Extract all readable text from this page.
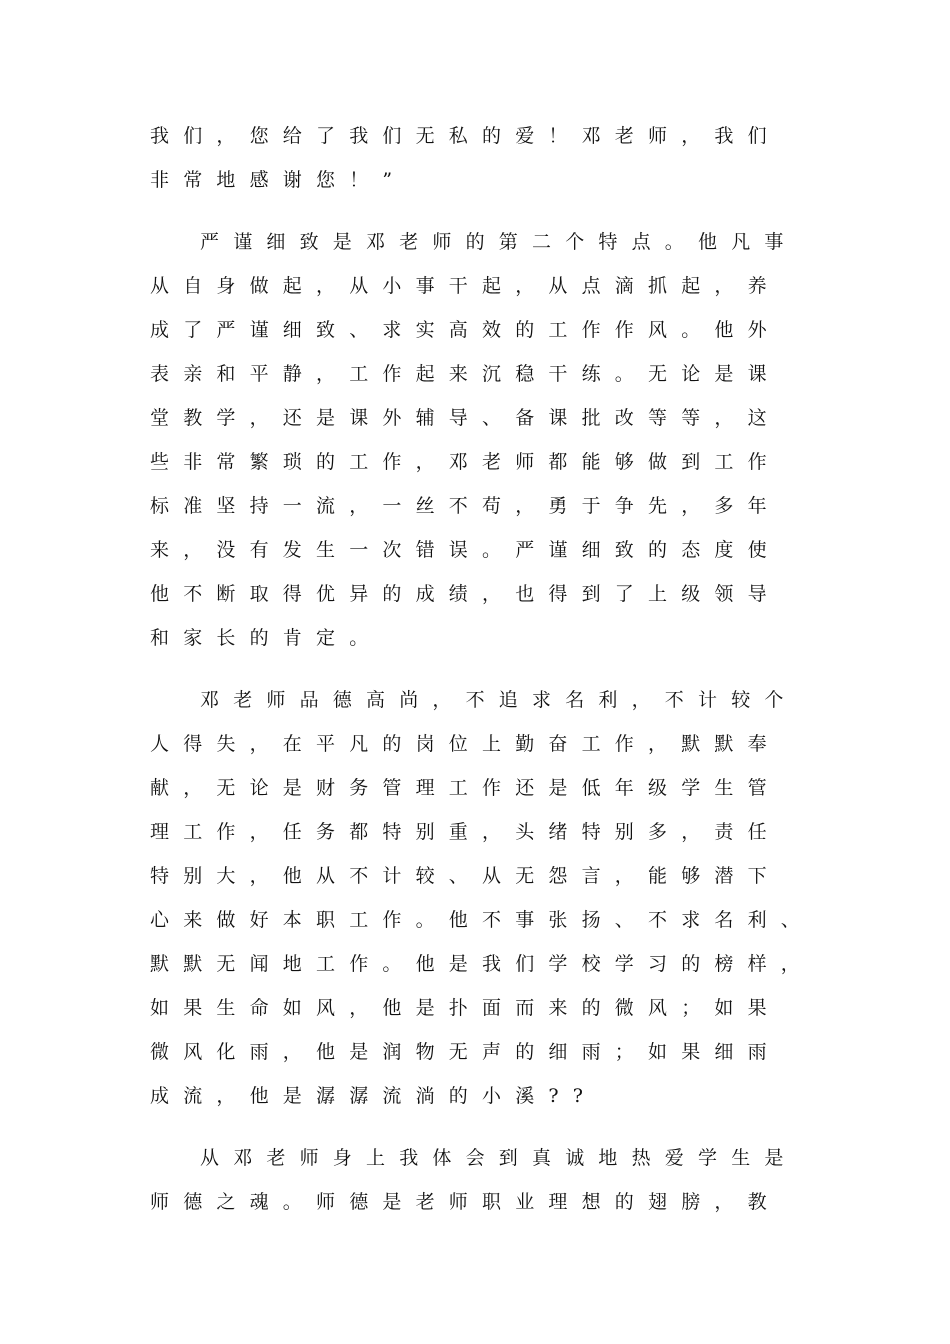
我们，您给了我们无私的爱！邓老师，我们
非常地感谢您！”
严谨细致是邓老师的第二个特点。他凡事
从自身做起，从小事干起，从点滴抓起，养
成了严谨细致、求实高效的工作作风。他外
表亲和平静，工作起来沉稳干练。无论是课
堂教学，还是课外辅导、备课批改等等，这
些非常繁琐的工作，邓老师都能够做到工作
标准坚持一流，一丝不苟，勇于争先，多年
来，没有发生一次错误。严谨细致的态度使
他不断取得优异的成绩，也得到了上级领导
和家长的肯定。
邓老师品德高尚，不追求名利，不计较个
人得失，在平凡的岗位上勤奋工作，默默奉
献，无论是财务管理工作还是低年级学生管
理工作，任务都特别重，头绪特别多，责任
特别大，他从不计较、从无怨言，能够潜下
心来做好本职工作。他不事张扬、不求名利、
默默无闻地工作。他是我们学校学习的榜样，
如果生命如风，他是扑面而来的微风；如果
微风化雨，他是润物无声的细雨；如果细雨
成流，他是潺潺流淌的小溪??
从邓老师身上我体会到真诚地热爱学生是
师德之魂。师德是老师职业理想的翅膀，教
